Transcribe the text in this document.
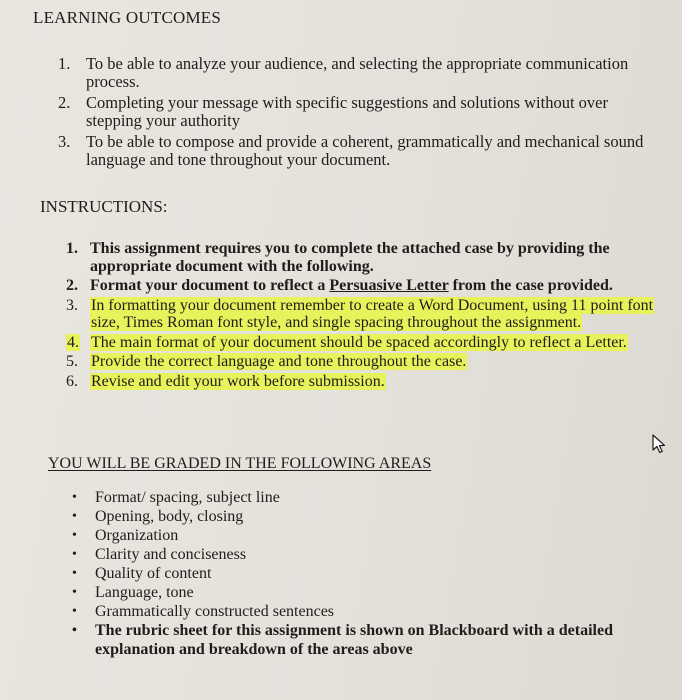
LEARNING OUTCOMES
1. To be able to analyze your audience, and selecting the appropriate communication process.
2. Completing your message with specific suggestions and solutions without over stepping your authority
3. To be able to compose and provide a coherent, grammatically and mechanical sound language and tone throughout your document.
INSTRUCTIONS:
1. This assignment requires you to complete the attached case by providing the appropriate document with the following.
2. Format your document to reflect a Persuasive Letter from the case provided.
3. In formatting your document remember to create a Word Document, using 11 point font size, Times Roman font style, and single spacing throughout the assignment.
4. The main format of your document should be spaced accordingly to reflect a Letter.
5. Provide the correct language and tone throughout the case.
6. Revise and edit your work before submission.
YOU WILL BE GRADED IN THE FOLLOWING AREAS
• Format/ spacing, subject line
• Opening, body, closing
• Organization
• Clarity and conciseness
• Quality of content
• Language, tone
• Grammatically constructed sentences
• The rubric sheet for this assignment is shown on Blackboard with a detailed explanation and breakdown of the areas above
